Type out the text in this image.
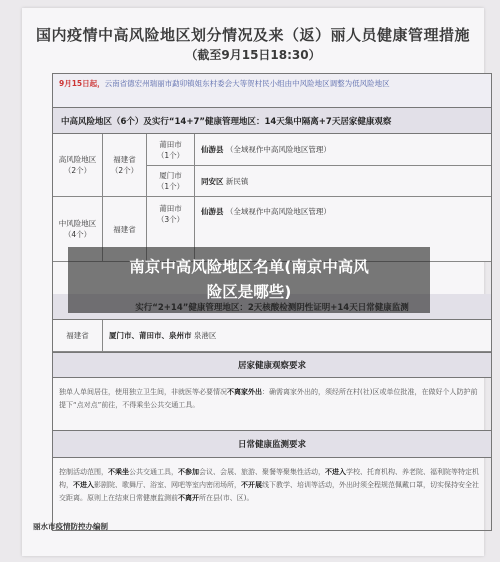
国内疫情中高风险地区划分情况及来（返）丽人员健康管理措施
（截至9月15日18:30）
9月15日起，云南省德宏州瑞丽市勐卯镇姐东村委会大等贺村民小组由中风险地区调整为低风险地区
中高风险地区（6个）及实行“14+7”健康管理地区：14天集中隔离+7天居家健康观察
高风险地区
（2个）
福建省
（2个）
莆田市
（1个）
仙游县
（全域视作中高风险地区管理）
厦门市
（1个）
同安区
新民镇
中风险地区
（4个）
福建省
莆田市
（3个）
仙游县
（全域视作中高风险地区管理）
福建省	厦门市、莆田市、泉州市
泉港区
居家健康观察要求
独单人单间居住，使用独立卫生间，非就医等必要情况不离家外出：确需离家外出的，须经所在村(社)区或单位批准，在做好个人防护前提下“点对点”前往，不得乘坐公共交通工具。
日常健康监测要求
控制活动范围，不乘坐公共交通工具，不参加会议、会展、旅游、聚餐等聚集性活动，不进入学校、托育机构、养老院、福利院等特定机构，不进入影剧院、歌舞厅、浴室、网吧等室内密闭场所，不开展线下教学、培训等活动，外出时须全程规范佩戴口罩，切实保持安全社交距离。原则上在结束日常健康监测前不离开所在县(市、区)。
丽水市疫情防控办编制
南京中高风险地区名单(南京中高风
险区是哪些)
